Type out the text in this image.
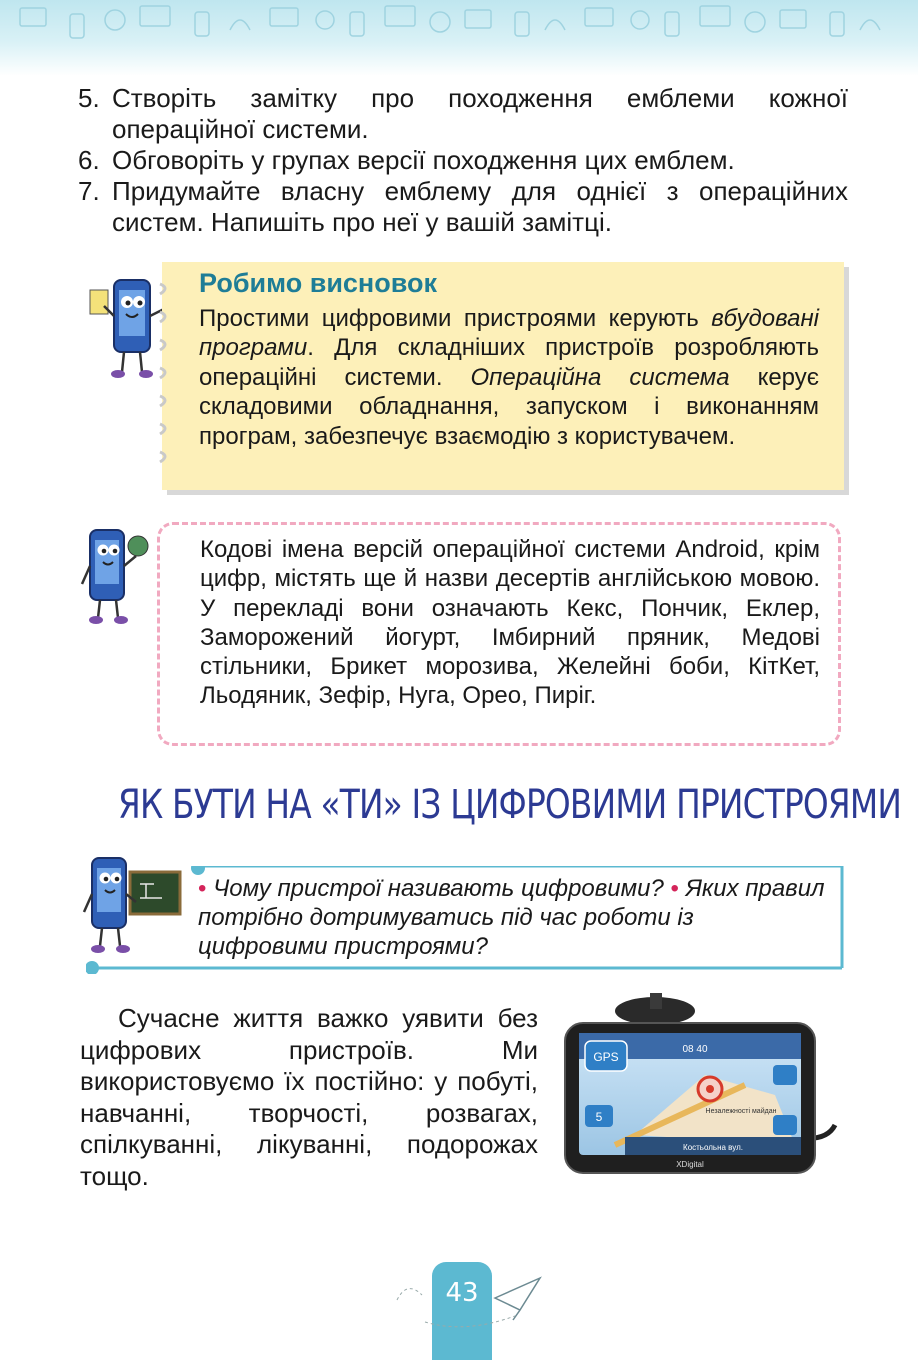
5. Створіть замітку про походження емблеми кожної операційної системи.
6. Обговоріть у групах версії походження цих емблем.
7. Придумайте власну емблему для однієї з операційних систем. Напишіть про неї у вашій замітці.
Робимо висновок
Простими цифровими пристроями керують вбудовані програми. Для складніших пристроїв розробляють операційні системи. Операційна система керує складовими обладнання, запуском і виконанням програм, забезпечує взаємодію з користувачем.
Кодові імена версій операційної системи Android, крім цифр, містять ще й назви десертів англійською мовою. У перекладі вони означають Кекс, Пончик, Еклер, Заморожений йогурт, Імбирний пряник, Медові стільники, Брикет морозива, Желейні боби, КітКет, Льодяник, Зефір, Нуга, Орео, Пиріг.
ЯК БУТИ НА «ТИ» ІЗ ЦИФРОВИМИ ПРИСТРОЯМИ
• Чому пристрої називають цифровими? • Яких правил потрібно дотримуватись під час роботи із цифровими пристроями?
Сучасне життя важко уявити без цифрових пристроїв. Ми використовуємо їх постійно: у побуті, навчанні, творчості, розвагах, спілкуванні, лікуванні, подорожах тощо.
GPS
08 40
Незалежності майдан
5
Костьольна вул.
XDigital
43
